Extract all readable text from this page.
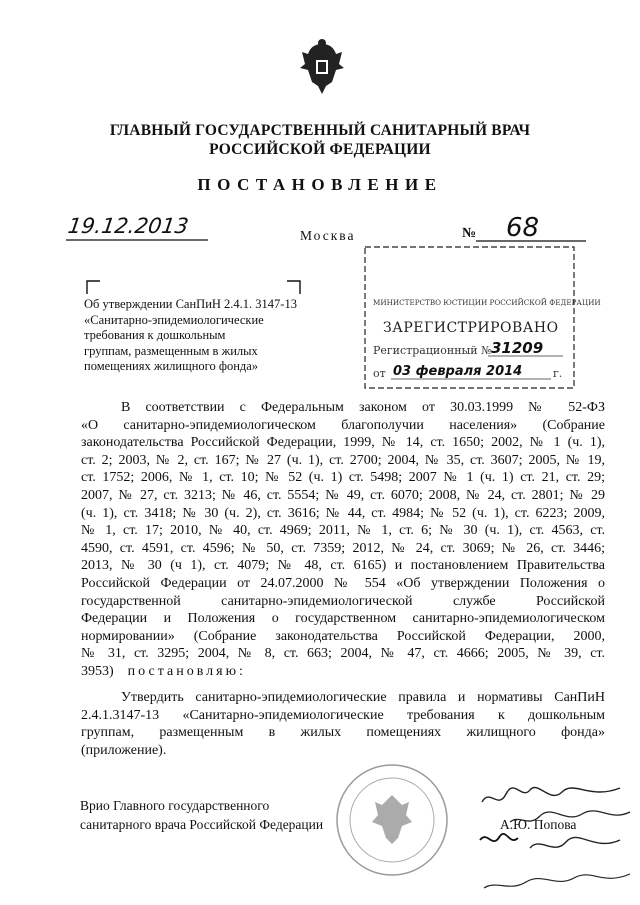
ГЛАВНЫЙ ГОСУДАРСТВЕННЫЙ САНИТАРНЫЙ ВРАЧ
РОССИЙСКОЙ ФЕДЕРАЦИИ
ПОСТАНОВЛЕНИЕ
19.12.2013	Москва	№ 68
Об утверждении СанПиН 2.4.1. 3147-13
«Санитарно-эпидемиологические
требования к дошкольным
группам, размещенным в жилых
помещениях жилищного фонда»
МИНИСТЕРСТВО ЮСТИЦИИ РОССИЙСКОЙ ФЕДЕРАЦИИ
ЗАРЕГИСТРИРОВАНО
Регистрационный № 31209
от 03 февраля 2014	г.
В соответствии с Федеральным законом от 30.03.1999 № 52-ФЗ
«О санитарно-эпидемиологическом благополучии населения» (Собрание
законодательства Российской Федерации, 1999, № 14, ст. 1650; 2002, № 1 (ч. 1),
ст. 2; 2003, № 2, ст. 167; № 27 (ч. 1), ст. 2700; 2004, № 35, ст. 3607; 2005, № 19,
ст. 1752; 2006, № 1, ст. 10; № 52 (ч. 1) ст. 5498; 2007 № 1 (ч. 1) ст. 21, ст. 29;
2007, № 27, ст. 3213; № 46, ст. 5554; № 49, ст. 6070; 2008, № 24, ст. 2801; № 29
(ч. 1), ст. 3418; № 30 (ч. 2), ст. 3616; № 44, ст. 4984; № 52 (ч. 1), ст. 6223; 2009,
№ 1, ст. 17; 2010, № 40, ст. 4969; 2011, № 1, ст. 6; № 30 (ч. 1), ст. 4563, ст.
4590, ст. 4591, ст. 4596; № 50, ст. 7359; 2012, № 24, ст. 3069; № 26, ст. 3446;
2013, № 30 (ч 1), ст. 4079; № 48, ст. 6165) и постановлением Правительства
Российской Федерации от 24.07.2000 № 554 «Об утверждении Положения о
государственной санитарно-эпидемиологической службе Российской
Федерации и Положения о государственном санитарно-эпидемиологическом
нормировании» (Собрание законодательства Российской Федерации, 2000,
№ 31, ст. 3295; 2004, № 8, ст. 663; 2004, № 47, ст. 4666; 2005, № 39, ст.
3953) постановляю:
Утвердить санитарно-эпидемиологические правила и нормативы СанПиН
2.4.1.3147-13 «Санитарно-эпидемиологические требования к дошкольным
группам, размещенным в жилых помещениях жилищного фонда»
(приложение).
Врио Главного государственного
санитарного врача Российской Федерации	А.Ю. Попова
